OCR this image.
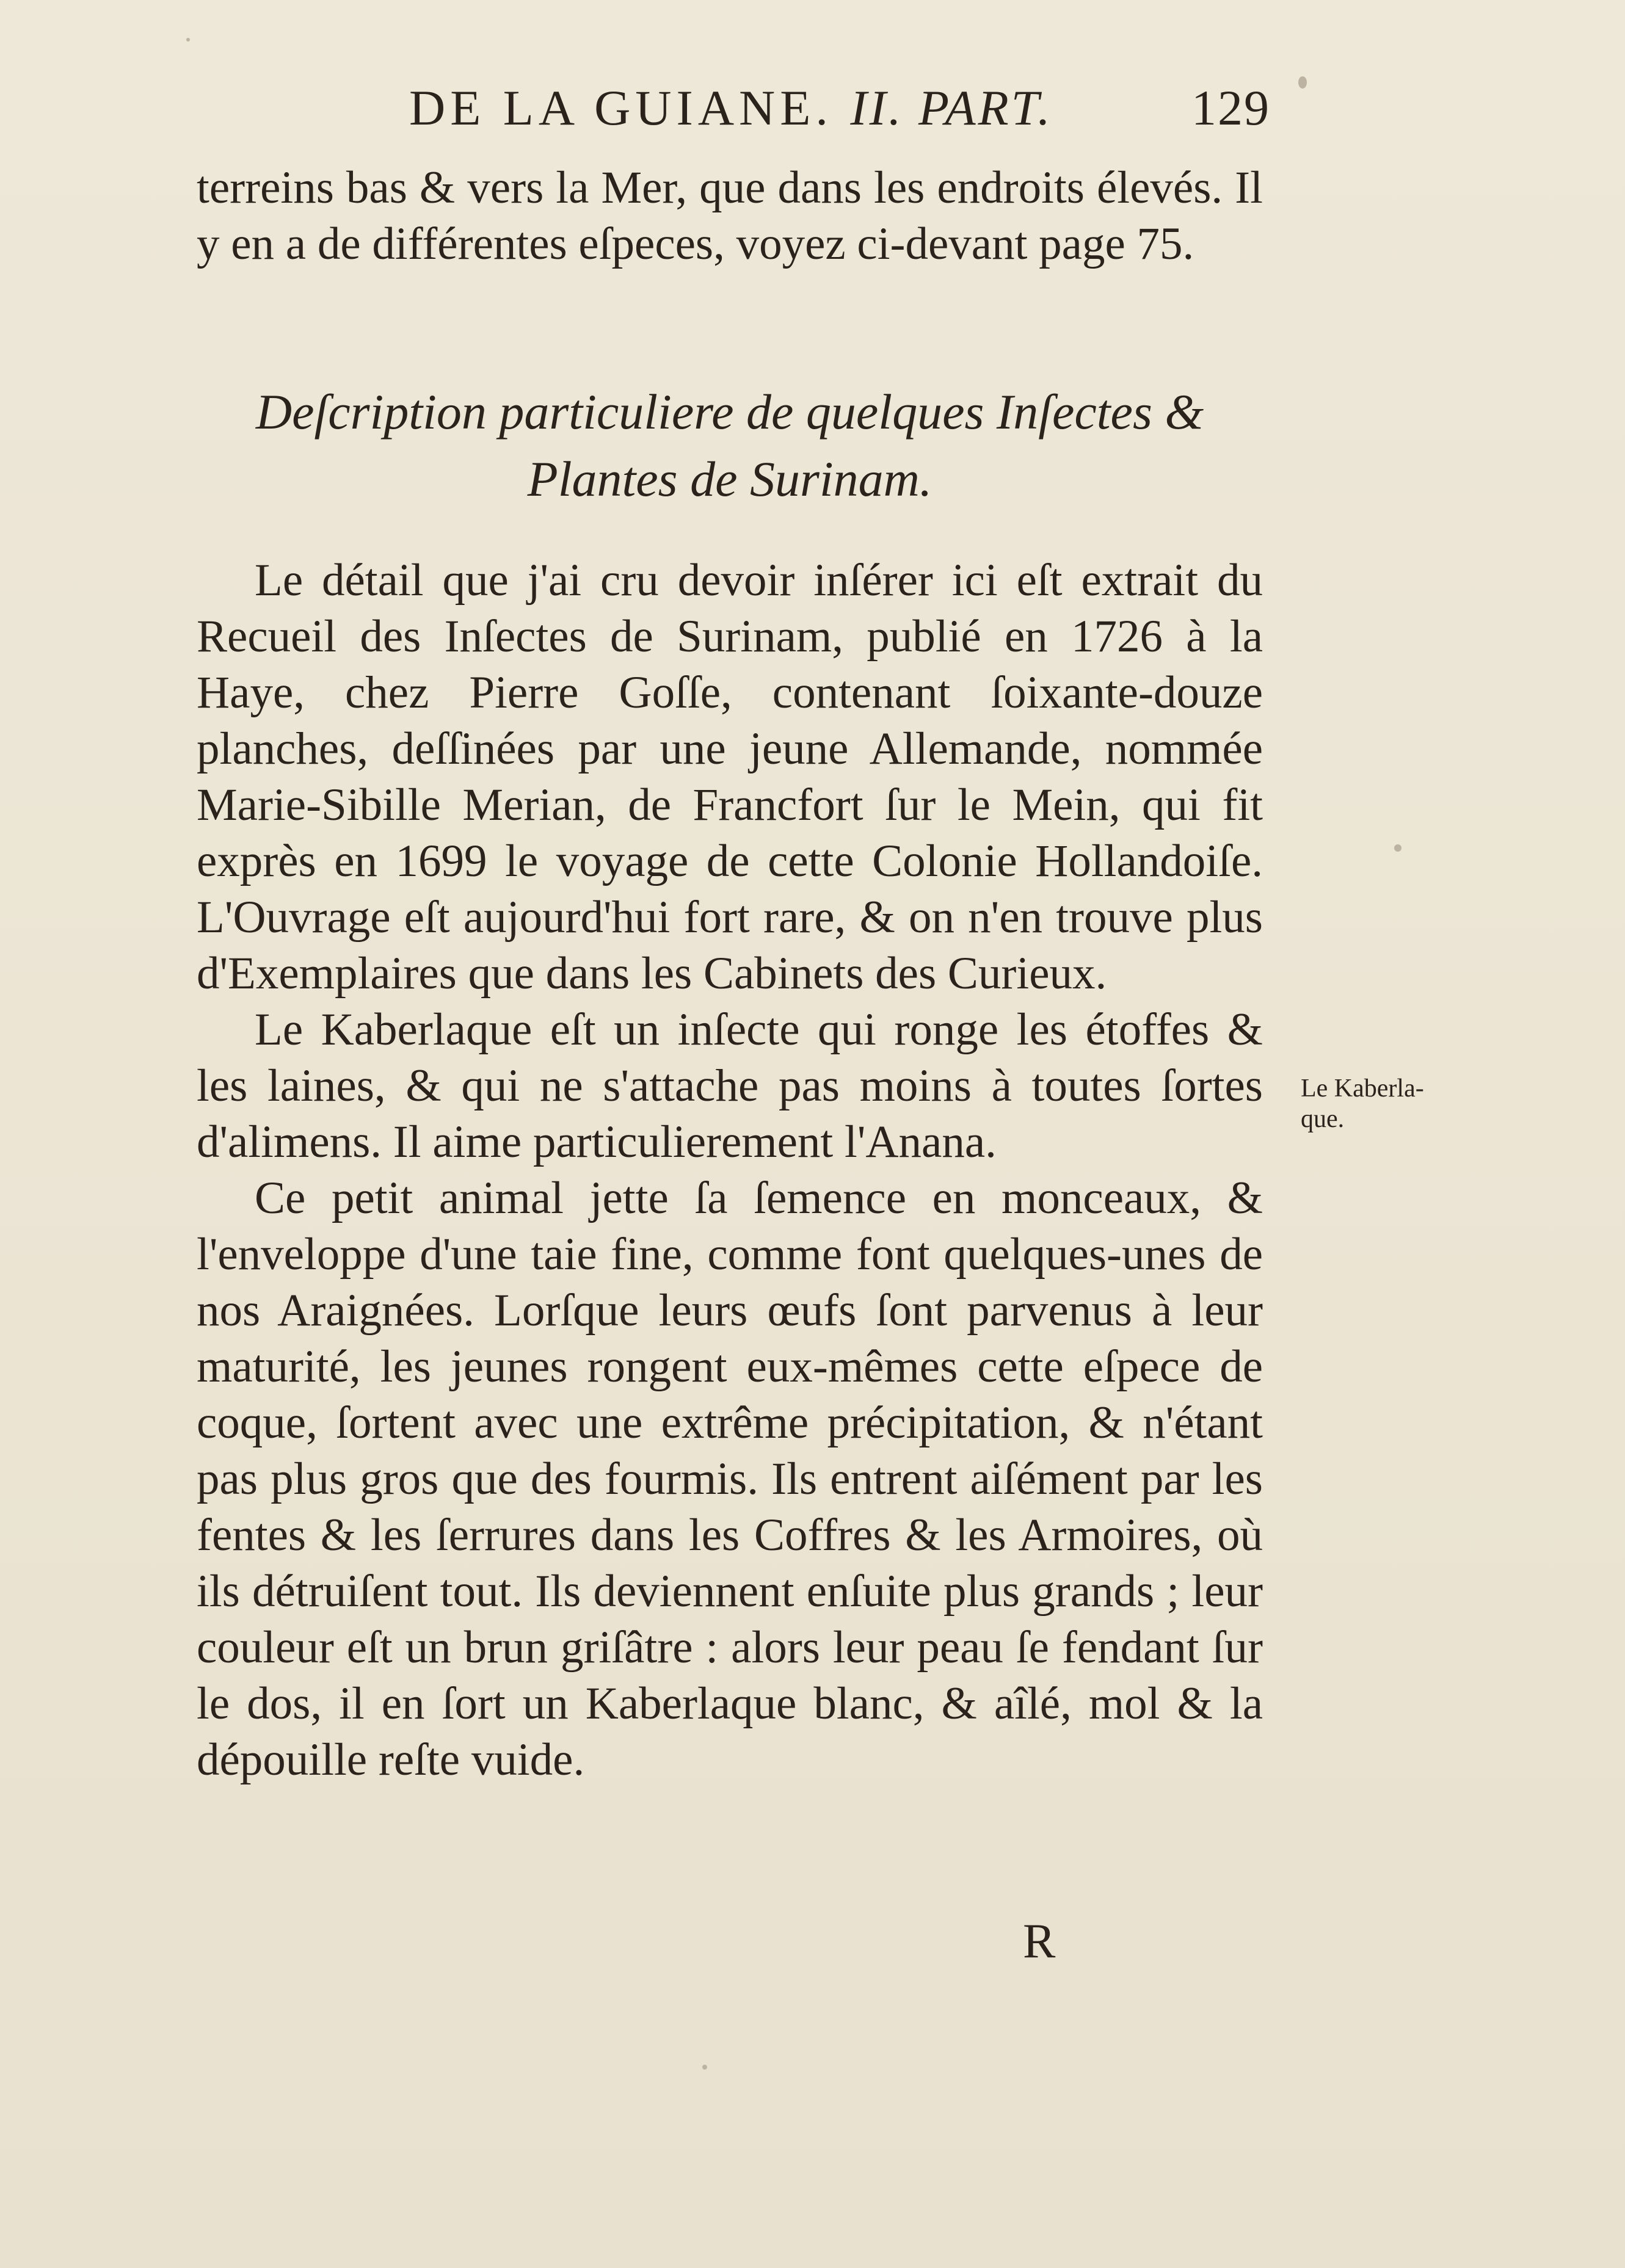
DE LA GUIANE. II. PART.	129

terreins bas & vers la Mer, que dans les endroits élevés. Il y en a de différentes eſpeces, voyez ci-devant page 75.

Deſcription particuliere de quelques Inſectes &
Plantes de Surinam.

Le détail que j'ai cru devoir inſérer ici eſt extrait du Recueil des Inſectes de Surinam, publié en 1726 à la Haye, chez Pierre Goſſe, contenant ſoixante-douze planches, deſſinées par une jeune Allemande, nommée Marie-Sibille Merian, de Francfort ſur le Mein, qui fit exprès en 1699 le voyage de cette Colonie Hollandoiſe. L'Ouvrage eſt aujourd'hui fort rare, & on n'en trouve plus d'Exemplaires que dans les Cabinets des Curieux.

Le Kaberlaque eſt un inſecte qui ronge les étoffes & les laines, & qui ne s'attache pas moins à toutes ſortes d'alimens. Il aime particulierement l'Anana.

Ce petit animal jette ſa ſemence en monceaux, & l'enveloppe d'une taie fine, comme font quelques-unes de nos Araignées. Lorſque leurs œufs ſont parvenus à leur maturité, les jeunes rongent eux-mêmes cette eſpece de coque, ſortent avec une extrême précipitation, & n'étant pas plus gros que des fourmis. Ils entrent aiſément par les fentes & les ſerrures dans les Coffres & les Armoires, où ils détruiſent tout. Ils deviennent enſuite plus grands ; leur couleur eſt un brun griſâtre : alors leur peau ſe fendant ſur le dos, il en ſort un Kaberlaque blanc, & aîlé, mol & la dépouille reſte vuide.

Le Kaberla-
que.
R
